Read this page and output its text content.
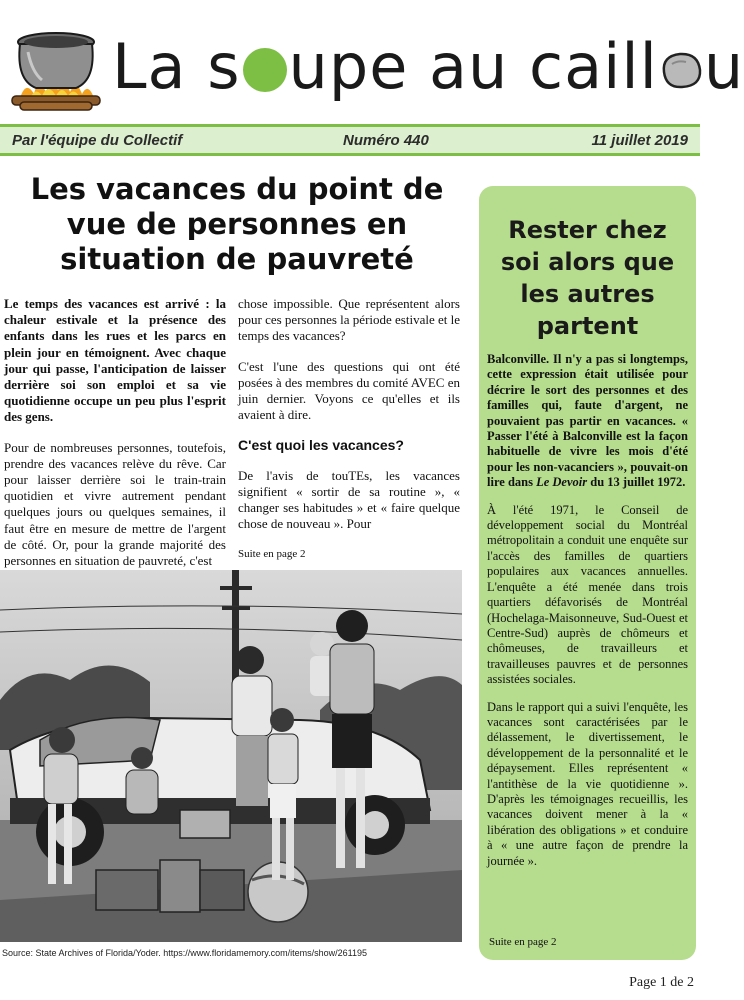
La s upe au caill u
Par l'équipe du Collectif	Numéro 440	11 juillet 2019
Les vacances du point de vue de personnes en situation de pauvreté

Le temps des vacances est arrivé : la chaleur estivale et la présence des enfants dans les rues et les parcs en plein jour en témoignent. Avec chaque jour qui passe, l'anticipation de laisser derrière soi son emploi et sa vie quotidienne occupe un peu plus l'esprit des gens.

Pour de nombreuses personnes, toutefois, prendre des vacances relève du rêve. Car pour laisser derrière soi le train-train quotidien et vivre autrement pendant quelques jours ou quelques semaines, il faut être en mesure de mettre de l'argent de côté. Or, pour la grande majorité des personnes en situation de pauvreté, c'est

chose impossible. Que représentent alors pour ces personnes la période estivale et le temps des vacances?

C'est l'une des questions qui ont été posées à des membres du comité AVEC en juin dernier. Voyons ce qu'elles et ils avaient à dire.

C'est quoi les vacances?

De l'avis de touTEs, les vacances signifient « sortir de sa routine », « changer ses habitudes » et « faire quelque chose de nouveau ». Pour

Suite en page 2
Source: State Archives of Florida/Yoder. https://www.floridamemory.com/items/show/261195
Rester chez soi alors que les autres partent

Balconville. Il n'y a pas si longtemps, cette expression était utilisée pour décrire le sort des personnes et des familles qui, faute d'argent, ne pouvaient pas partir en vacances. « Passer l'été à Balconville est la façon habituelle de vivre les mois d'été pour les non-vacanciers », pouvait-on lire dans Le Devoir du 13 juillet 1972.

À l'été 1971, le Conseil de développement social du Montréal métropolitain a conduit une enquête sur l'accès des familles de quartiers populaires aux vacances annuelles. L'enquête a été menée dans trois quartiers défavorisés de Montréal (Hochelaga-Maisonneuve, Sud-Ouest et Centre-Sud) auprès de chômeurs et chômeuses, de travailleurs et travailleuses pauvres et de personnes assistées sociales.

Dans le rapport qui a suivi l'enquête, les vacances sont caractérisées par le délassement, le divertissement, le développement de la personnalité et le dépaysement. Elles représentent « l'antithèse de la vie quotidienne ». D'après les témoignages recueillis, les vacances doivent mener à la « libération des obligations » et conduire à « une autre façon de prendre la journée ».

Suite en page 2
Page 1 de 2
